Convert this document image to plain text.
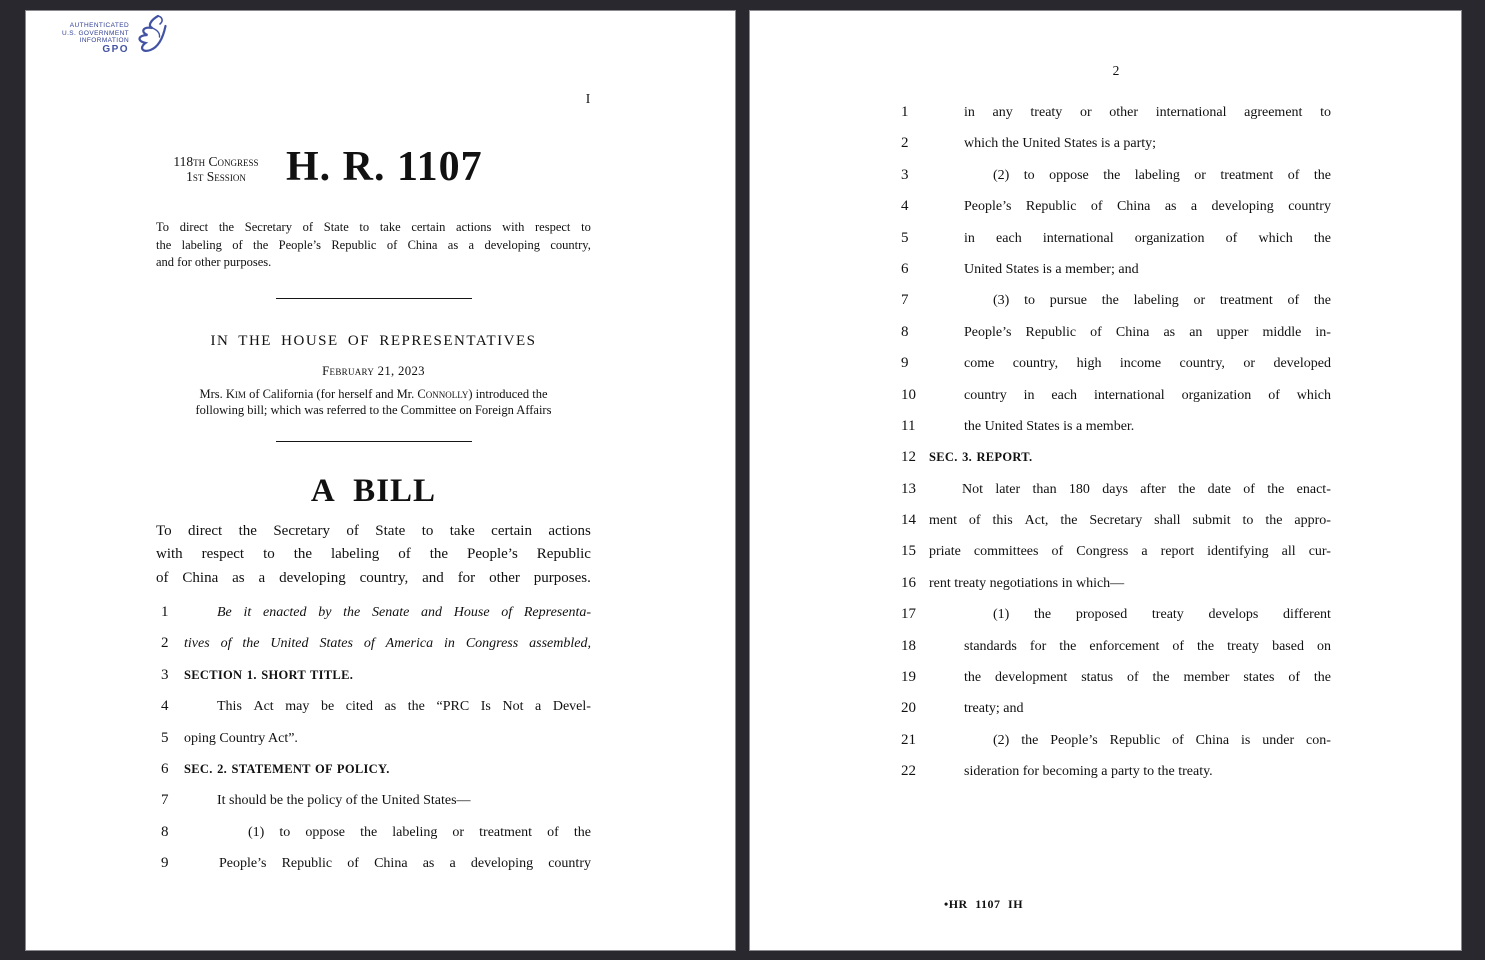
AUTHENTICATED
U.S. GOVERNMENT
INFORMATION
GPO
I
118th Congress
1st Session H. R. 1107
To direct the Secretary of State to take certain actions with respect to
the labeling of the People’s Republic of China as a developing country,
and for other purposes.
IN THE HOUSE OF REPRESENTATIVES
February 21, 2023
Mrs. Kim of California (for herself and Mr. Connolly) introduced the
following bill; which was referred to the Committee on Foreign Affairs
A BILL
To direct the Secretary of State to take certain actions
with respect to the labeling of the People’s Republic
of China as a developing country, and for other purposes.
1	Be it enacted by the Senate and House of Representa-
2	tives of the United States of America in Congress assembled,
3	SECTION 1. SHORT TITLE.
4	This Act may be cited as the “PRC Is Not a Devel-
5	oping Country Act”.
6	SEC. 2. STATEMENT OF POLICY.
7	It should be the policy of the United States—
8	(1) to oppose the labeling or treatment of the
9	People’s Republic of China as a developing country
2
1	in any treaty or other international agreement to
2	which the United States is a party;
3	(2) to oppose the labeling or treatment of the
4	People’s Republic of China as a developing country
5	in each international organization of which the
6	United States is a member; and
7	(3) to pursue the labeling or treatment of the
8	People’s Republic of China as an upper middle in-
9	come country, high income country, or developed
10	country in each international organization of which
11	the United States is a member.
12	SEC. 3. REPORT.
13	Not later than 180 days after the date of the enact-
14 ment of this Act, the Secretary shall submit to the appro-
15 priate committees of Congress a report identifying all cur-
16 rent treaty negotiations in which—
17	(1) the proposed treaty develops different
18	standards for the enforcement of the treaty based on
19	the development status of the member states of the
20	treaty; and
21	(2) the People’s Republic of China is under con-
22	sideration for becoming a party to the treaty.
•HR 1107 IH
